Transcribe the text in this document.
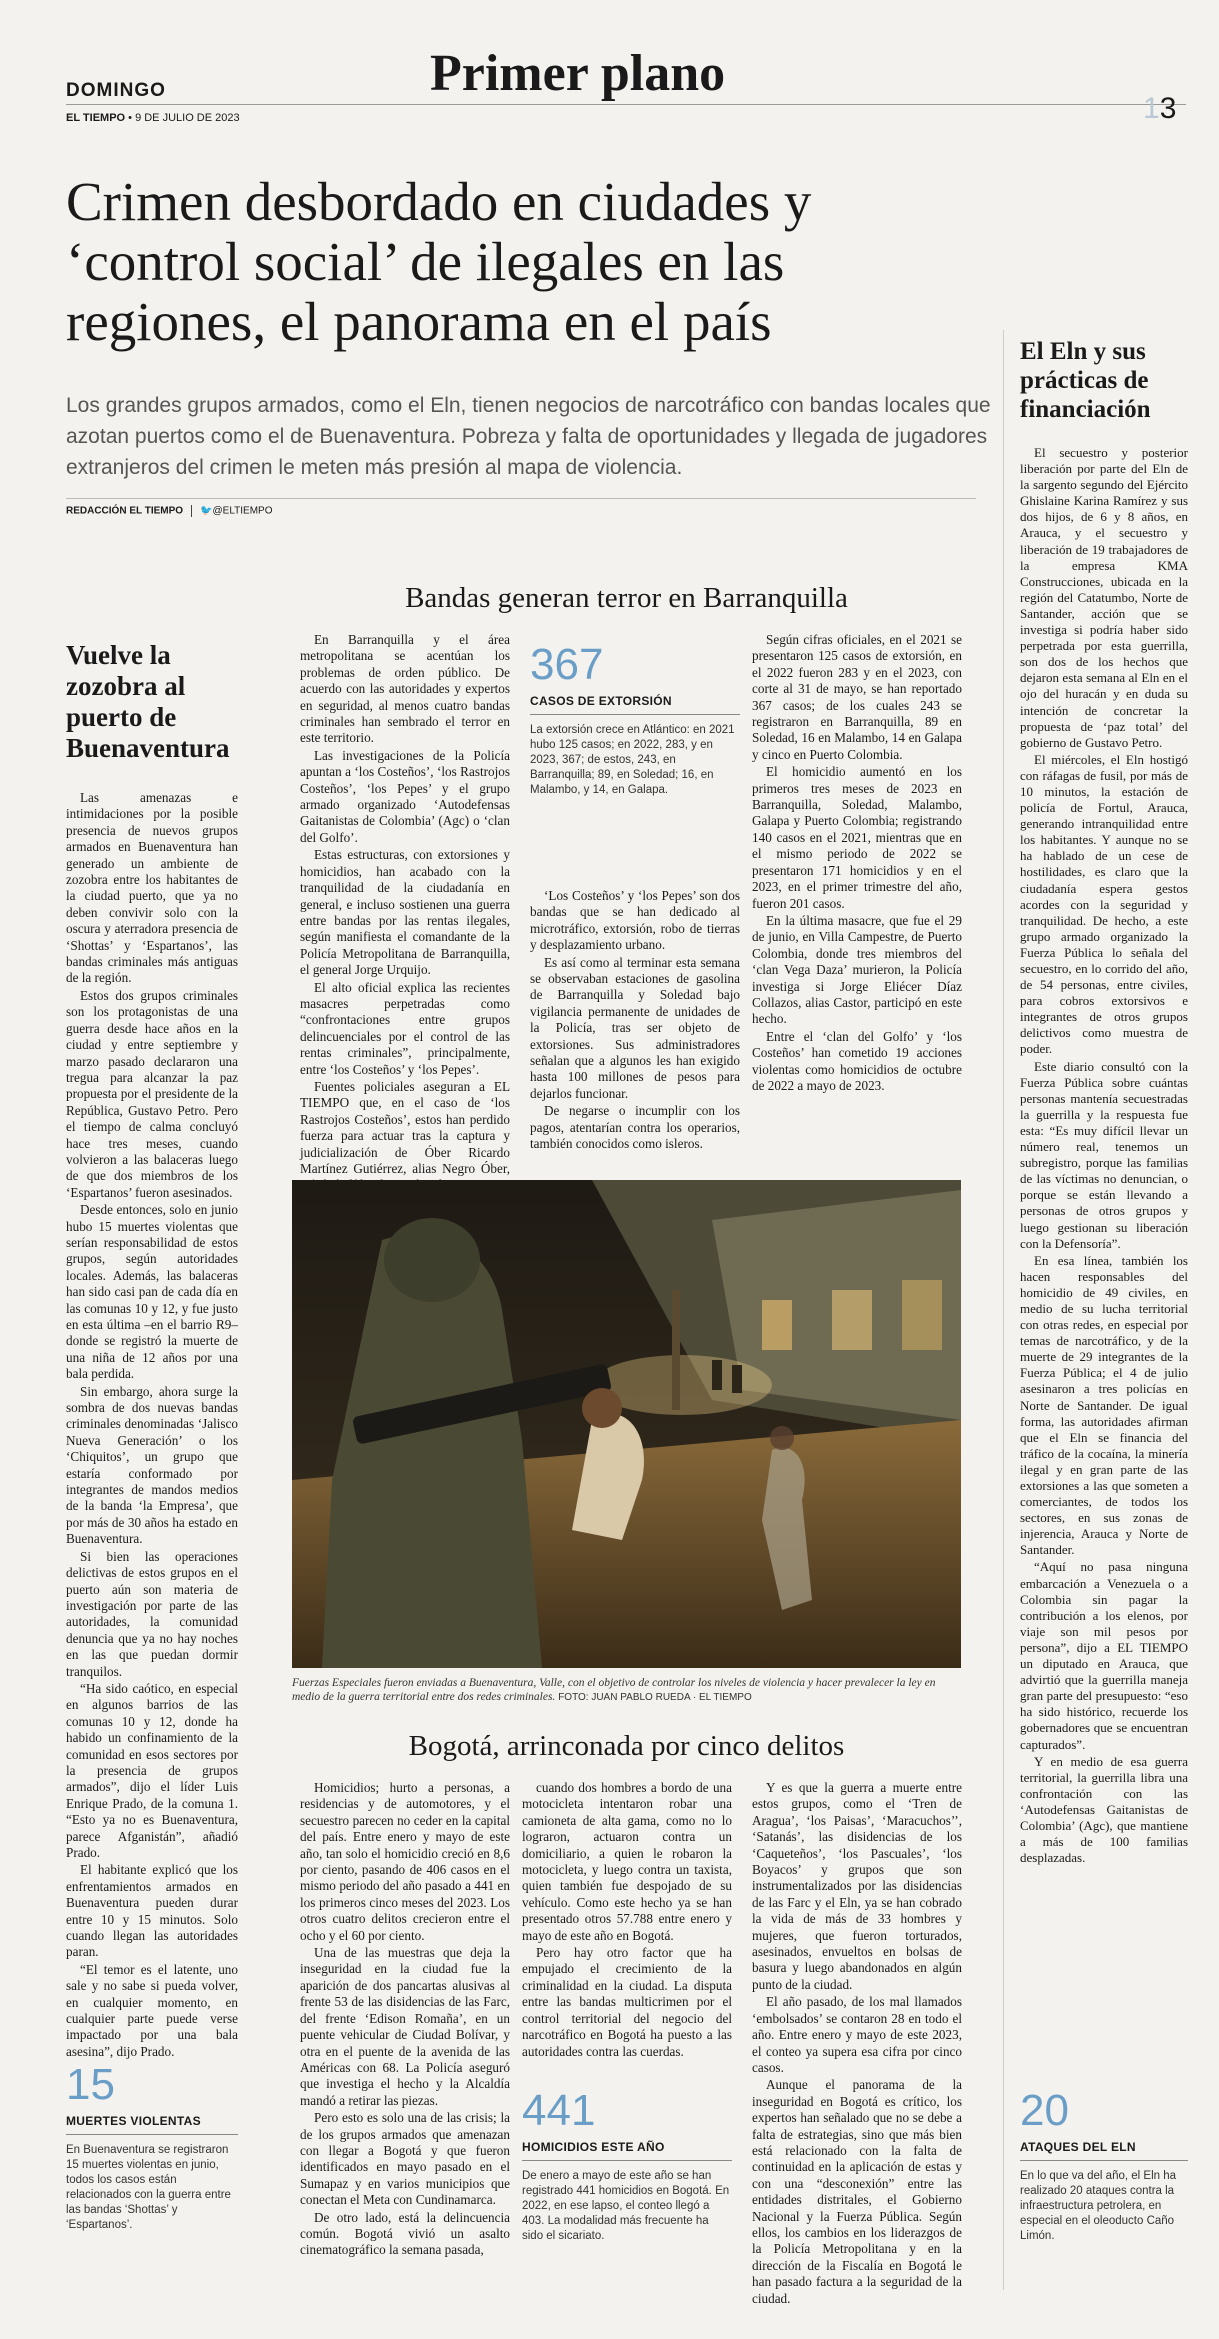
DOMINGO	Primer plano
EL TIEMPO • 9 DE JULIO DE 2023	13
Crimen desbordado en ciudades y ‘control social’ de ilegales en las regiones, el panorama en el país

Los grandes grupos armados, como el Eln, tienen negocios de narcotráfico con bandas locales que azotan puertos como el de Buenaventura. Pobreza y falta de oportunidades y llegada de jugadores extranjeros del crimen le meten más presión al mapa de violencia.

REDACCIÓN EL TIEMPO 🐦@ELTIEMPO
Vuelve la zozobra al puerto de Buenaventura

Las amenazas e intimidaciones por la posible presencia de nuevos grupos armados en Buenaventura han generado un ambiente de zozobra entre los habitantes de la ciudad puerto, que ya no deben convivir solo con la oscura y aterradora presencia de ‘Shottas’ y ‘Espartanos’, las bandas criminales más antiguas de la región.

Estos dos grupos criminales son los protagonistas de una guerra desde hace años en la ciudad y entre septiembre y marzo pasado declararon una tregua para alcanzar la paz propuesta por el presidente de la República, Gustavo Petro. Pero el tiempo de calma concluyó hace tres meses, cuando volvieron a las balaceras luego de que dos miembros de los ‘Espartanos’ fueron asesinados.

Desde entonces, solo en junio hubo 15 muertes violentas que serían responsabilidad de estos grupos, según autoridades locales. Además, las balaceras han sido casi pan de cada día en las comunas 10 y 12, y fue justo en esta última –en el barrio R9– donde se registró la muerte de una niña de 12 años por una bala perdida.

Sin embargo, ahora surge la sombra de dos nuevas bandas criminales denominadas ‘Jalisco Nueva Generación’ o los ‘Chiquitos’, un grupo que estaría conformado por integrantes de mandos medios de la banda ‘la Empresa’, que por más de 30 años ha estado en Buenaventura.

Si bien las operaciones delictivas de estos grupos en el puerto aún son materia de investigación por parte de las autoridades, la comunidad denuncia que ya no hay noches en las que puedan dormir tranquilos.

“Ha sido caótico, en especial en algunos barrios de las comunas 10 y 12, donde ha habido un confinamiento de la comunidad en esos sectores por la presencia de grupos armados”, dijo el líder Luis Enrique Prado, de la comuna 1. “Esto ya no es Buenaventura, parece Afganistán”, añadió Prado.

El habitante explicó que los enfrentamientos armados en Buenaventura pueden durar entre 10 y 15 minutos. Solo cuando llegan las autoridades paran.

“El temor es el latente, uno sale y no sabe si pueda volver, en cualquier momento, en cualquier parte puede verse impactado por una bala asesina”, dijo Prado.

15
MUERTES VIOLENTAS
En Buenaventura se registraron 15 muertes violentas en junio, todos los casos están relacionados con la guerra entre las bandas ‘Shottas’ y ‘Espartanos’.
Bandas generan terror en Barranquilla

En Barranquilla y el área metropolitana se acentúan los problemas de orden público. De acuerdo con las autoridades y expertos en seguridad, al menos cuatro bandas criminales han sembrado el terror en este territorio.

Las investigaciones de la Policía apuntan a ‘los Costeños’, ‘los Rastrojos Costeños’, ‘los Pepes’ y el grupo armado organizado ‘Autodefensas Gaitanistas de Colombia’ (Agc) o ‘clan del Golfo’.

Estas estructuras, con extorsiones y homicidios, han acabado con la tranquilidad de la ciudadanía en general, e incluso sostienen una guerra entre bandas por las rentas ilegales, según manifiesta el comandante de la Policía Metropolitana de Barranquilla, el general Jorge Urquijo.

El alto oficial explica las recientes masacres perpetradas como “confrontaciones entre grupos delincuenciales por el control de las rentas criminales”, principalmente, entre ‘los Costeños’ y ‘los Pepes’.

Fuentes policiales aseguran a EL TIEMPO que, en el caso de ‘los Rastrojos Costeños’, estos han perdido fuerza para actuar tras la captura y judicialización de Óber Ricardo Martínez Gutiérrez, alias Negro Óber,

367
CASOS DE EXTORSIÓN
La extorsión crece en Atlántico: en 2021 hubo 125 casos; en 2022, 283, y en 2023, 367; de estos, 243, en Barranquilla; 89, en Soledad; 16, en Malambo, y 14, en Galapa.

‘Los Costeños’ y ‘los Pepes’ son dos bandas que se han dedicado al microtráfico, extorsión, robo de tierras y desplazamiento urbano.

Es así como al terminar esta semana se observaban estaciones de gasolina de Barranquilla y Soledad bajo vigilancia permanente de unidades de la Policía, tras ser objeto de extorsiones. Sus administradores señalan que a algunos les han exigido hasta 100 millones de pesos para dejarlos funcionar.

De negarse o incumplir con los pagos, atentarían contra los operarios, también conocidos como isleros.

Según cifras oficiales, en el 2021 se presentaron 125 casos de extorsión, en el 2022 fueron 283 y en el 2023, con corte al 31 de mayo, se han reportado 367 casos; de los cuales 243 se registraron en Barranquilla, 89 en Soledad, 16 en Malambo, 14 en Galapa y cinco en Puerto Colombia.

El homicidio aumentó en los primeros tres meses de 2023 en Barranquilla, Soledad, Malambo, Galapa y Puerto Colombia; registrando 140 casos en el 2021, mientras que en el mismo periodo de 2022 se presentaron 171 homicidios y en el 2023, en el primer trimestre del año, fueron 201 casos.

En la última masacre, que fue el 29 de junio, en Villa Campestre, de Puerto Colombia, donde tres miembros del ‘clan Vega Daza’ murieron, la Policía investiga si Jorge Eliécer Díaz Collazos, alias Castor, participó en este hecho.

Entre el ‘clan del Golfo’ y ‘los Costeños’ han cometido 19 acciones violentas como homicidios de octubre de 2022 a mayo de 2023.

Fuerzas Especiales fueron enviadas a Buenaventura, Valle, con el objetivo de controlar los niveles de violencia y hacer prevalecer la ley en medio de la guerra territorial entre dos redes criminales. FOTO: JUAN PABLO RUEDA · EL TIEMPO
Bogotá, arrinconada por cinco delitos

Homicidios; hurto a personas, a residencias y de automotores, y el secuestro parecen no ceder en la capital del país. Entre enero y mayo de este año, tan solo el homicidio creció en 8,6 por ciento, pasando de 406 casos en el mismo periodo del año pasado a 441 en los primeros cinco meses del 2023. Los otros cuatro delitos crecieron entre el ocho y el 60 por ciento.

Una de las muestras que deja la inseguridad en la ciudad fue la aparición de dos pancartas alusivas al frente 53 de las disidencias de las Farc, del frente ‘Edison Romaña’, en un puente vehicular de Ciudad Bolívar, y otra en el puente de la avenida de las Américas con 68. La Policía aseguró que investiga el hecho y la Alcaldía mandó a retirar las piezas.

Pero esto es solo una de las crisis; la de los grupos armados que amenazan con llegar a Bogotá y que fueron identificados en mayo pasado en el Sumapaz y en varios municipios que conectan el Meta con Cundinamarca.

De otro lado, está la delincuencia común. Bogotá vivió un asalto cinematográfico la semana pasada,

cuando dos hombres a bordo de una motocicleta intentaron robar una camioneta de alta gama, como no lo lograron, actuaron contra un domiciliario, a quien le robaron la motocicleta, y luego contra un taxista, quien también fue despojado de su vehículo. Como este hecho ya se han presentado otros 57.788 entre enero y mayo de este año en Bogotá.

Pero hay otro factor que ha empujado el crecimiento de la criminalidad en la ciudad. La disputa entre las bandas multicrimen por el control territorial del negocio del narcotráfico en Bogotá ha puesto a las autoridades contra las cuerdas.

441
HOMICIDIOS ESTE AÑO
De enero a mayo de este año se han registrado 441 homicidios en Bogotá. En 2022, en ese lapso, el conteo llegó a 403. La modalidad más frecuente ha sido el sicariato.

Y es que la guerra a muerte entre estos grupos, como el ‘Tren de Aragua’, ‘los Paisas’, ‘Maracuchos’’, ‘Satanás’, las disidencias de los ‘Caqueteños’, ‘los Pascuales’, ‘los Boyacos’ y grupos que son instrumentalizados por las disidencias de las Farc y el Eln, ya se han cobrado la vida de más de 33 hombres y mujeres, que fueron torturados, asesinados, envueltos en bolsas de basura y luego abandonados en algún punto de la ciudad.

El año pasado, de los mal llamados ‘embolsados’ se contaron 28 en todo el año. Entre enero y mayo de este 2023, el conteo ya supera esa cifra por cinco casos.

Aunque el panorama de la inseguridad en Bogotá es crítico, los expertos han señalado que no se debe a falta de estrategias, sino que más bien está relacionado con la falta de continuidad en la aplicación de estas y con una “desconexión” entre las entidades distritales, el Gobierno Nacional y la Fuerza Pública. Según ellos, los cambios en los liderazgos de la Policía Metropolitana y en la dirección de la Fiscalía en Bogotá le han pasado factura a la seguridad de la ciudad.

El Eln y sus prácticas de financiación

El secuestro y posterior liberación por parte del Eln de la sargento segundo del Ejército Ghislaine Karina Ramírez y sus dos hijos, de 6 y 8 años, en Arauca, y el secuestro y liberación de 19 trabajadores de la empresa KMA Construcciones, ubicada en la región del Catatumbo, Norte de Santander, acción que se investiga si podría haber sido perpetrada por esta guerrilla, son dos de los hechos que dejaron esta semana al Eln en el ojo del huracán y en duda su intención de concretar la propuesta de ‘paz total’ del gobierno de Gustavo Petro.

El miércoles, el Eln hostigó con ráfagas de fusil, por más de 10 minutos, la estación de policía de Fortul, Arauca, generando intranquilidad entre los habitantes. Y aunque no se ha hablado de un cese de hostilidades, es claro que la ciudadanía espera gestos acordes con la seguridad y tranquilidad. De hecho, a este grupo armado organizado la Fuerza Pública lo señala del secuestro, en lo corrido del año, de 54 personas, entre civiles, para cobros extorsivos e integrantes de otros grupos delictivos como muestra de poder.

Este diario consultó con la Fuerza Pública sobre cuántas personas mantenía secuestradas la guerrilla y la respuesta fue esta: “Es muy difícil llevar un número real, tenemos un subregistro, porque las familias de las víctimas no denuncian, o porque se están llevando a personas de otros grupos y luego gestionan su liberación con la Defensoría”.

En esa línea, también los hacen responsables del homicidio de 49 civiles, en medio de su lucha territorial con otras redes, en especial por temas de narcotráfico, y de la muerte de 29 integrantes de la Fuerza Pública; el 4 de julio asesinaron a tres policías en Norte de Santander. De igual forma, las autoridades afirman que el Eln se financia del tráfico de la cocaína, la minería ilegal y en gran parte de las extorsiones a las que someten a comerciantes, de todos los sectores, en sus zonas de injerencia, Arauca y Norte de Santander.

“Aquí no pasa ninguna embarcación a Venezuela o a Colombia sin pagar la contribución a los elenos, por viaje son mil pesos por persona”, dijo a EL TIEMPO un diputado en Arauca, que advirtió que la guerrilla maneja gran parte del presupuesto: “eso ha sido histórico, recuerde los gobernadores que se encuentran capturados”.

Y en medio de esa guerra territorial, la guerrilla libra una confrontación con las ‘Autodefensas Gaitanistas de Colombia’ (Agc), que mantiene a más de 100 familias desplazadas.

20
ATAQUES DEL ELN
En lo que va del año, el Eln ha realizado 20 ataques contra la infraestructura petrolera, en especial en el oleoducto Caño Limón.
